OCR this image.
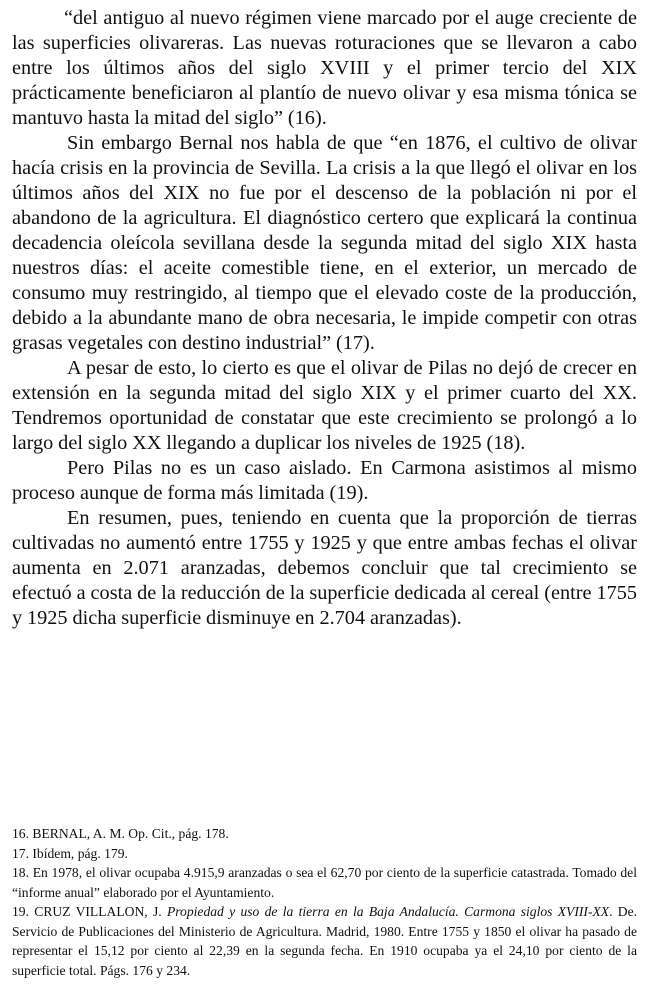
“del antiguo al nuevo régimen viene marcado por el auge creciente de las superficies olivareras. Las nuevas roturaciones que se llevaron a cabo entre los últimos años del siglo XVIII y el primer tercio del XIX prácticamente beneficiaron al plantío de nuevo olivar y esa misma tónica se mantuvo hasta la mitad del siglo” (16).

Sin embargo Bernal nos habla de que “en 1876, el cultivo de olivar hacía crisis en la provincia de Sevilla. La crisis a la que llegó el olivar en los últimos años del XIX no fue por el descenso de la población ni por el abandono de la agricultura. El diagnóstico certero que explicará la continua decadencia oleícola sevillana desde la segunda mitad del siglo XIX hasta nuestros días: el aceite comestible tiene, en el exterior, un mercado de consumo muy restringido, al tiempo que el elevado coste de la producción, debido a la abundante mano de obra necesaria, le impide competir con otras grasas vegetales con destino industrial” (17).

A pesar de esto, lo cierto es que el olivar de Pilas no dejó de crecer en extensión en la segunda mitad del siglo XIX y el primer cuarto del XX. Tendremos oportunidad de constatar que este crecimiento se prolongó a lo largo del siglo XX llegando a duplicar los niveles de 1925 (18).

Pero Pilas no es un caso aislado. En Carmona asistimos al mismo proceso aunque de forma más limitada (19).

En resumen, pues, teniendo en cuenta que la proporción de tierras cultivadas no aumentó entre 1755 y 1925 y que entre ambas fechas el olivar aumenta en 2.071 aranzadas, debemos concluir que tal crecimiento se efectuó a costa de la reducción de la superficie dedicada al cereal (entre 1755 y 1925 dicha superficie disminuye en 2.704 aranzadas).

16. BERNAL, A. M. Op. Cit., pág. 178.

17. Ibídem, pág. 179.

18. En 1978, el olivar ocupaba 4.915,9 aranzadas o sea el 62,70 por ciento de la superficie catastrada. Tomado del “informe anual” elaborado por el Ayuntamiento.

19. CRUZ VILLALON, J. Propiedad y uso de la tierra en la Baja Andalucía. Carmona siglos XVIII-XX. De. Servicio de Publicaciones del Ministerio de Agricultura. Madrid, 1980. Entre 1755 y 1850 el olivar ha pasado de representar el 15,12 por ciento al 22,39 en la segunda fecha. En 1910 ocupaba ya el 24,10 por ciento de la superficie total. Págs. 176 y 234.
